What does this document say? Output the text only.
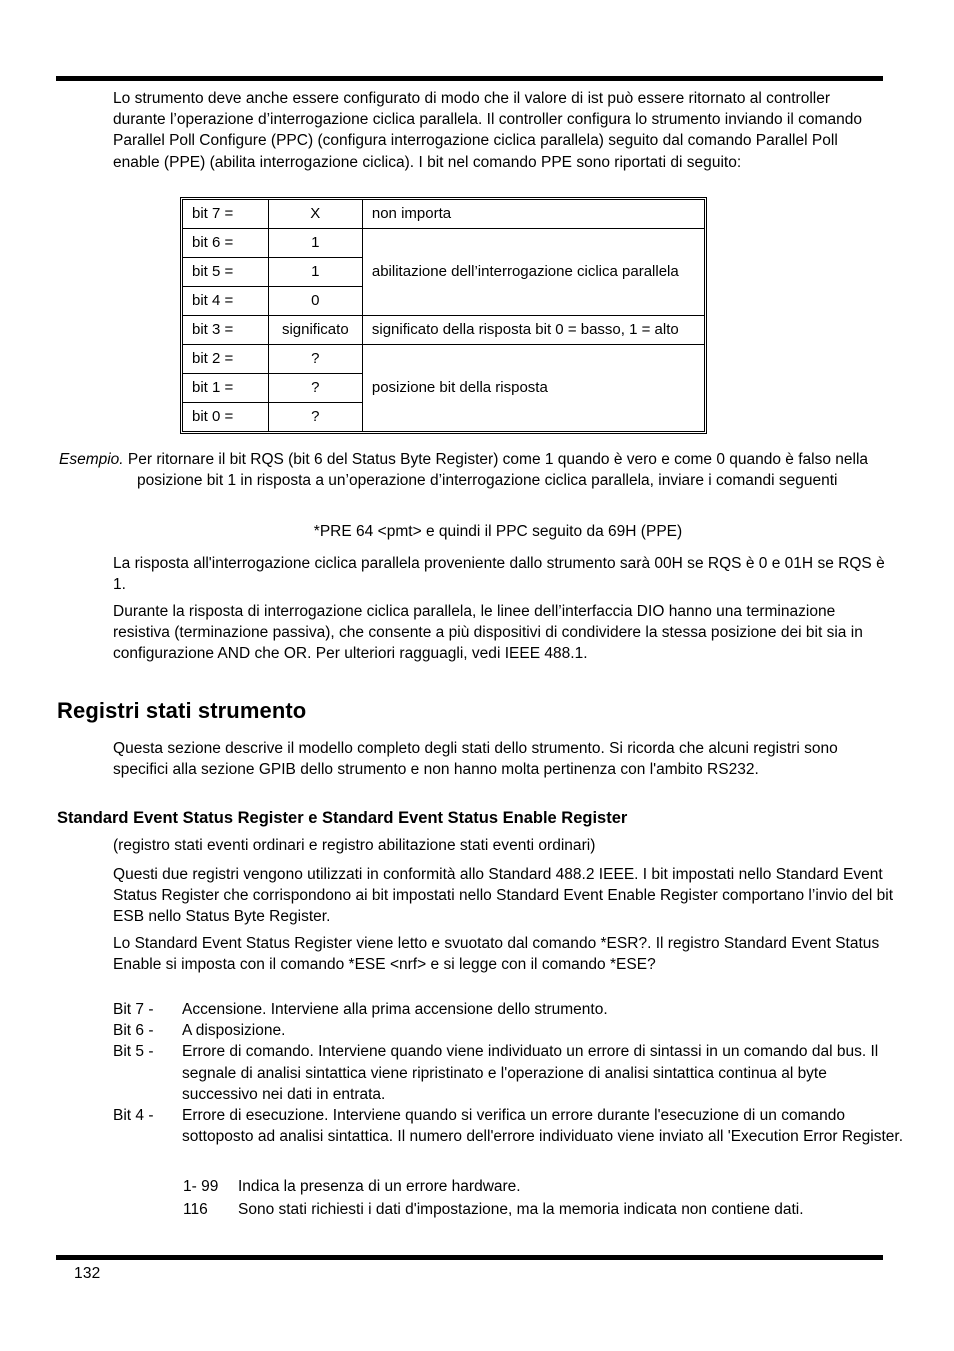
Lo strumento deve anche essere configurato di modo che il valore di ist può essere ritornato al controller durante l’operazione d’interrogazione ciclica parallela. Il controller configura lo strumento inviando il comando Parallel Poll Configure (PPC) (configura interrogazione ciclica parallela) seguito dal comando Parallel Poll enable (PPE) (abilita interrogazione ciclica). I bit nel comando PPE sono riportati di seguito:

bit 7 =	X	non importa
bit 6 =	1	abilitazione dell’interrogazione ciclica parallela
bit 5 =	1	
bit 4 =	0	
bit 3 =	significato	significato della risposta bit 0 = basso, 1 = alto
bit 2 =	?	posizione bit della risposta
bit 1 =	?	
bit 0 =	?	

Esempio. Per ritornare il bit RQS (bit 6 del Status Byte Register) come 1 quando è vero e come 0 quando è falso nella posizione bit 1 in risposta a un’operazione d’interrogazione ciclica parallela, inviare i comandi seguenti

*PRE 64 <pmt> e quindi il PPC seguito da 69H (PPE)

La risposta all'interrogazione ciclica parallela proveniente dallo strumento sarà 00H se RQS è 0 e 01H se RQS è 1.

Durante la risposta di interrogazione ciclica parallela, le linee dell’interfaccia DIO hanno una terminazione resistiva (terminazione passiva), che consente a più dispositivi di condividere la stessa posizione dei bit sia in configurazione AND che OR. Per ulteriori ragguagli, vedi IEEE 488.1.

Registri stati strumento

Questa sezione descrive il modello completo degli stati dello strumento. Si ricorda che alcuni registri sono specifici alla sezione GPIB dello strumento e non hanno molta pertinenza con l'ambito RS232.

Standard Event Status Register e Standard Event Status Enable Register

(registro stati eventi ordinari e registro abilitazione stati eventi ordinari)

Questi due registri vengono utilizzati in conformità allo Standard 488.2 IEEE. I bit impostati nello Standard Event Status Register che corrispondono ai bit impostati nello Standard Event Enable Register comportano l’invio del bit ESB nello Status Byte Register.

Lo Standard Event Status Register viene letto e svuotato dal comando *ESR?. Il registro Standard Event Status Enable si imposta con il comando *ESE <nrf> e si legge con il comando *ESE?

Bit 7 -	Accensione. Interviene alla prima accensione dello strumento.
Bit 6 -	A disposizione.
Bit 5 -	Errore di comando. Interviene quando viene individuato un errore di sintassi in un comando dal bus. Il segnale di analisi sintattica viene ripristinato e l'operazione di analisi sintattica continua al byte successivo nei dati in entrata.
Bit 4 -	Errore di esecuzione. Interviene quando si verifica un errore durante l'esecuzione di un comando sottoposto ad analisi sintattica. Il numero dell'errore individuato viene inviato all 'Execution Error Register.
1- 99	Indica la presenza di un errore hardware.
116	Sono stati richiesti i dati d'impostazione, ma la memoria indicata non contiene dati.
132
